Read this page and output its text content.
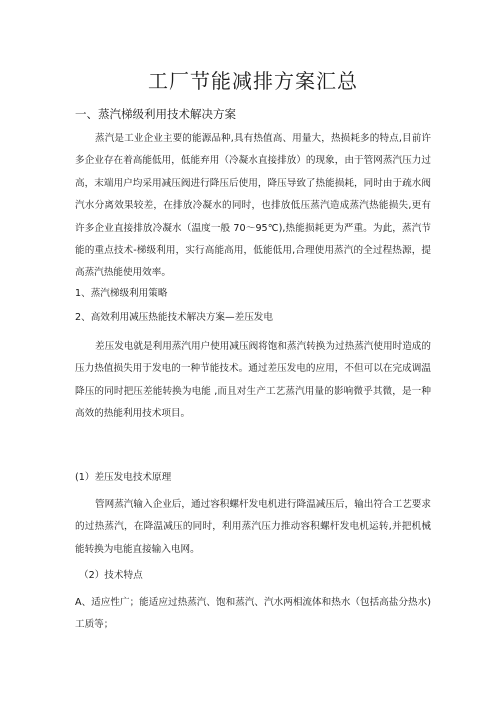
工厂节能减排方案汇总
一、蒸汽梯级利用技术解决方案

蒸汽是工业企业主要的能源品种,具有热值高、用量大，热损耗多的特点,目前许多企业存在着高能低用，低能弃用（冷凝水直接排放）的现象，由于管网蒸汽压力过高，末端用户均采用减压阀进行降压后使用，降压导致了热能损耗，同时由于疏水阀汽水分离效果较差，在排放冷凝水的同时，也排放低压蒸汽造成蒸汽热能损失,更有许多企业直接排放冷凝水（温度一般 70～95℃),热能损耗更为严重。为此，蒸汽节能的重点技术-梯级利用，实行高能高用，低能低用,合理使用蒸汽的全过程热源，提高蒸汽热能使用效率。

1、蒸汽梯级利用策略
2、高效利用减压热能技术解决方案—差压发电

差压发电就是利用蒸汽用户使用减压阀将饱和蒸汽转换为过热蒸汽使用时造成的压力热值损失用于发电的一种节能技术。通过差压发电的应用，不但可以在完成调温降压的同时把压差能转换为电能 ,而且对生产工艺蒸汽用量的影响微乎其微，是一种高效的热能利用技术项目。

(1）差压发电技术原理

管网蒸汽输入企业后，通过容积螺杆发电机进行降温减压后，输出符合工艺要求的过热蒸汽，在降温减压的同时，利用蒸汽压力推动容积螺杆发电机运转,并把机械能转换为电能直接输入电网。

（2）技术特点

A、适应性广；能适应过热蒸汽、饱和蒸汽、汽水两相流体和热水（包括高盐分热水)工质等；
